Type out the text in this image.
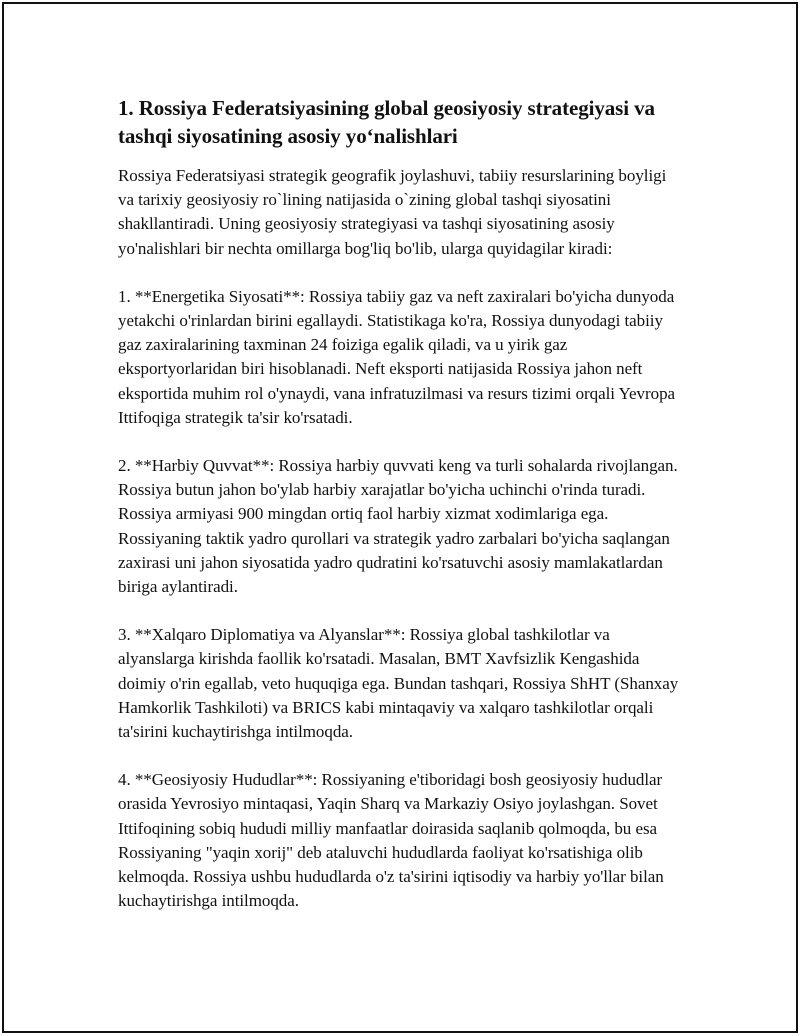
1. Rossiya Federatsiyasining global geosiyosiy strategiyasi va tashqi siyosatining asosiy yo‘nalishlari

Rossiya Federatsiyasi strategik geografik joylashuvi, tabiiy resurslarining boyligi va tarixiy geosiyosiy ro`lining natijasida o`zining global tashqi siyosatini shakllantiradi. Uning geosiyosiy strategiyasi va tashqi siyosatining asosiy yo'nalishlari bir nechta omillarga bog'liq bo'lib, ularga quyidagilar kiradi:

1. **Energetika Siyosati**: Rossiya tabiiy gaz va neft zaxiralari bo'yicha dunyoda yetakchi o'rinlardan birini egallaydi. Statistikaga ko'ra, Rossiya dunyodagi tabiiy gaz zaxiralarining taxminan 24 foiziga egalik qiladi, va u yirik gaz eksportyorlaridan biri hisoblanadi. Neft eksporti natijasida Rossiya jahon neft eksportida muhim rol o'ynaydi, vana infratuzilmasi va resurs tizimi orqali Yevropa Ittifoqiga strategik ta'sir ko'rsatadi.

2. **Harbiy Quvvat**: Rossiya harbiy quvvati keng va turli sohalarda rivojlangan. Rossiya butun jahon bo'ylab harbiy xarajatlar bo'yicha uchinchi o'rinda turadi. Rossiya armiyasi 900 mingdan ortiq faol harbiy xizmat xodimlariga ega. Rossiyaning taktik yadro qurollari va strategik yadro zarbalari bo'yicha saqlangan zaxirasi uni jahon siyosatida yadro qudratini ko'rsatuvchi asosiy mamlakatlardan biriga aylantiradi.

3. **Xalqaro Diplomatiya va Alyanslar**: Rossiya global tashkilotlar va alyanslarga kirishda faollik ko'rsatadi. Masalan, BMT Xavfsizlik Kengashida doimiy o'rin egallab, veto huquqiga ega. Bundan tashqari, Rossiya ShHT (Shanxay Hamkorlik Tashkiloti) va BRICS kabi mintaqaviy va xalqaro tashkilotlar orqali ta'sirini kuchaytirishga intilmoqda.

4. **Geosiyosiy Hududlar**: Rossiyaning e'tiboridagi bosh geosiyosiy hududlar orasida Yevrosiyo mintaqasi, Yaqin Sharq va Markaziy Osiyo joylashgan. Sovet Ittifoqining sobiq hududi milliy manfaatlar doirasida saqlanib qolmoqda, bu esa Rossiyaning "yaqin xorij" deb ataluvchi hududlarda faoliyat ko'rsatishiga olib kelmoqda. Rossiya ushbu hududlarda o'z ta'sirini iqtisodiy va harbiy yo'llar bilan kuchaytirishga intilmoqda.
